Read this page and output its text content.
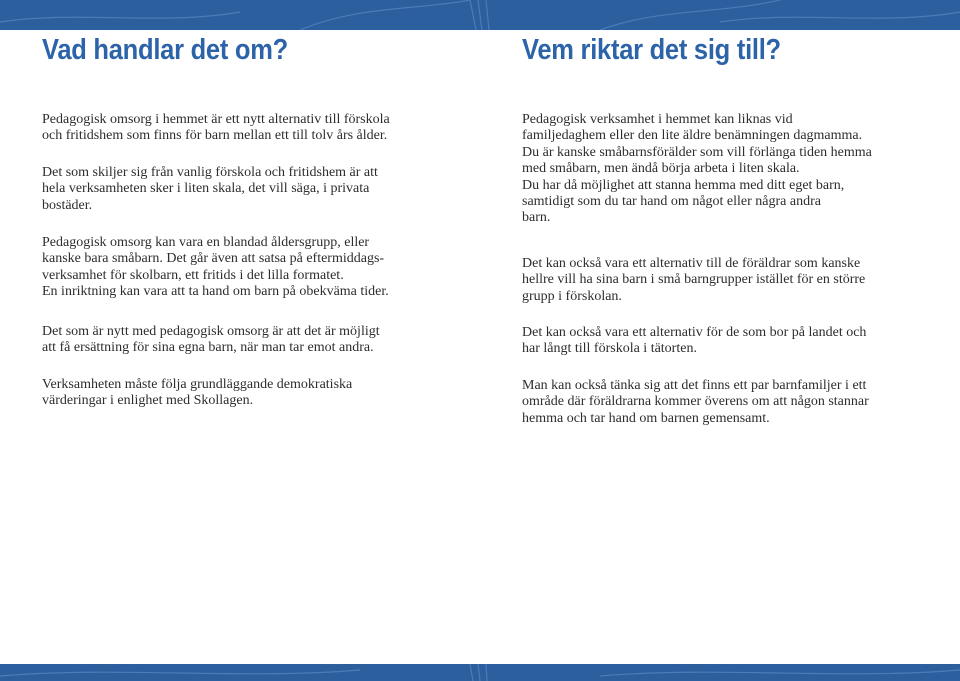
Vad handlar det om?

Pedagogisk omsorg i hemmet är ett nytt alternativ till förskola
och fritidshem som finns för barn mellan ett till tolv års ålder.

Det som skiljer sig från vanlig förskola och fritidshem är att
hela verksamheten sker i liten skala, det vill säga, i privata
bostäder.

Pedagogisk omsorg kan vara en blandad åldersgrupp, eller
kanske bara småbarn. Det går även att satsa på eftermiddags-
verksamhet för skolbarn, ett fritids i det lilla formatet.
En inriktning kan vara att ta hand om barn på obekväma tider.

Det som är nytt med pedagogisk omsorg är att det är möjligt
att få ersättning för sina egna barn, när man tar emot andra.

Verksamheten måste följa grundläggande demokratiska
värderingar i enlighet med Skollagen.

Vem riktar det sig till?

Pedagogisk verksamhet i hemmet kan liknas vid
familjedaghem eller den lite äldre benämningen dagmamma.
Du är kanske småbarnsförälder som vill förlänga tiden hemma
med småbarn, men ändå börja arbeta i liten skala.
Du har då möjlighet att stanna hemma med ditt eget barn,
samtidigt som du tar hand om något eller några andra
barn.

Det kan också vara ett alternativ till de föräldrar som kanske
hellre vill ha sina barn i små barngrupper istället för en större
grupp i förskolan.

Det kan också vara ett alternativ för de som bor på landet och
har långt till förskola i tätorten.

Man kan också tänka sig att det finns ett par barnfamiljer i ett
område där föräldrarna kommer överens om att någon stannar
hemma och tar hand om barnen gemensamt.
